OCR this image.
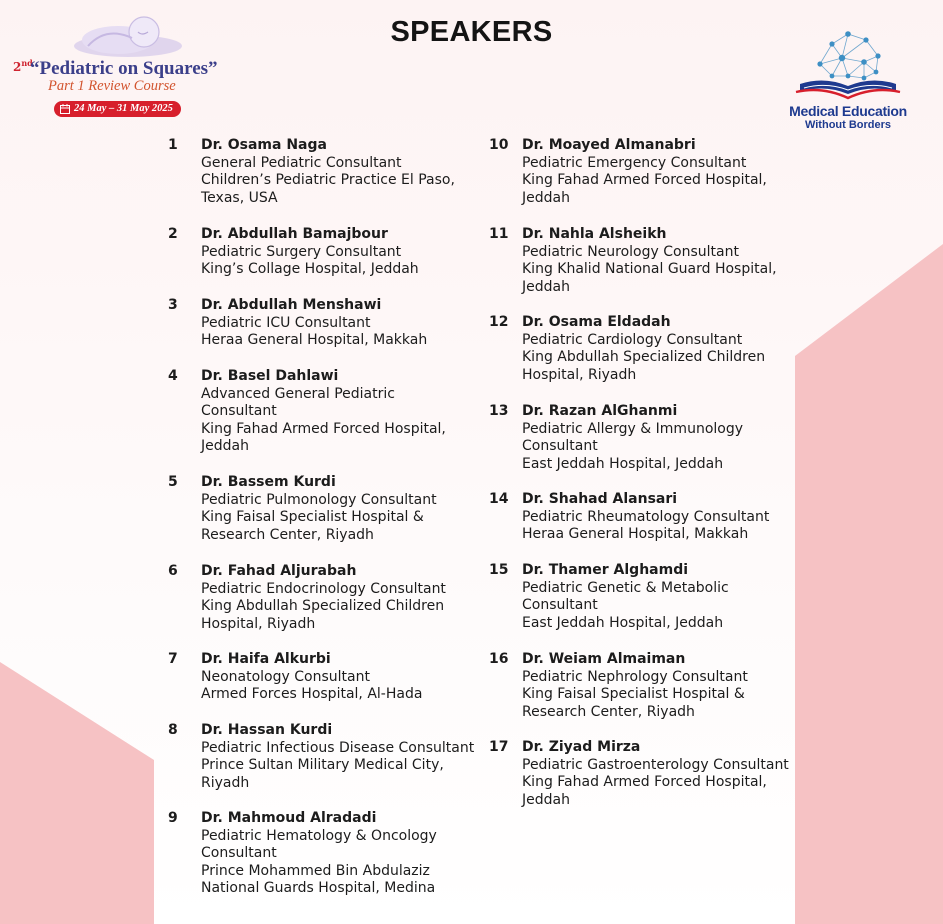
SPEAKERS
2nd
“Pediatric on Squares”
Part 1 Review Course
24 May – 31 May 2025	Medical Education
Without Borders
1 Dr. Osama Naga
General Pediatric Consultant
Children’s Pediatric Practice El Paso,
Texas, USA
2 Dr. Abdullah Bamajbour
Pediatric Surgery Consultant
King’s Collage Hospital, Jeddah
3 Dr. Abdullah Menshawi
Pediatric ICU Consultant
Heraa General Hospital, Makkah
4 Dr. Basel Dahlawi
Advanced General Pediatric
Consultant
King Fahad Armed Forced Hospital,
Jeddah
5 Dr. Bassem Kurdi
Pediatric Pulmonology Consultant
King Faisal Specialist Hospital &
Research Center, Riyadh
6 Dr. Fahad Aljurabah
Pediatric Endocrinology Consultant
King Abdullah Specialized Children
Hospital, Riyadh
7 Dr. Haifa Alkurbi
Neonatology Consultant
Armed Forces Hospital, Al-Hada
8 Dr. Hassan Kurdi
Pediatric Infectious Disease Consultant
Prince Sultan Military Medical City,
Riyadh
9 Dr. Mahmoud Alradadi
Pediatric Hematology & Oncology
Consultant
Prince Mohammed Bin Abdulaziz
National Guards Hospital, Medina
10 Dr. Moayed Almanabri
Pediatric Emergency Consultant
King Fahad Armed Forced Hospital,
Jeddah
11 Dr. Nahla Alsheikh
Pediatric Neurology Consultant
King Khalid National Guard Hospital,
Jeddah
12 Dr. Osama Eldadah
Pediatric Cardiology Consultant
King Abdullah Specialized Children
Hospital, Riyadh
13 Dr. Razan AlGhanmi
Pediatric Allergy & Immunology
Consultant
East Jeddah Hospital, Jeddah
14 Dr. Shahad Alansari
Pediatric Rheumatology Consultant
Heraa General Hospital, Makkah
15 Dr. Thamer Alghamdi
Pediatric Genetic & Metabolic
Consultant
East Jeddah Hospital, Jeddah
16 Dr. Weiam Almaiman
Pediatric Nephrology Consultant
King Faisal Specialist Hospital &
Research Center, Riyadh
17 Dr. Ziyad Mirza
Pediatric Gastroenterology Consultant
King Fahad Armed Forced Hospital,
Jeddah
